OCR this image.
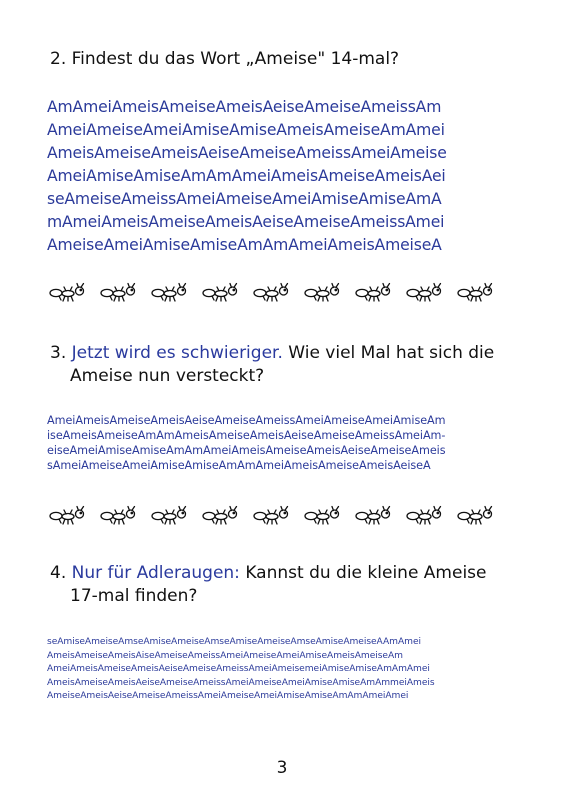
2. Findest du das Wort „Ameise" 14-mal?

AmAmeiAmeisAmeiseAmeisAeiseAmeiseAmeissAm
AmeiAmeiseAmeiAmiseAmiseAmeisAmeiseAmAmei
AmeisAmeiseAmeisAeiseAmeiseAmeissAmeiAmeise
AmeiAmiseAmiseAmAmAmeiAmeisAmeiseAmeisAei
seAmeiseAmeissAmeiAmeiseAmeiAmiseAmiseAmA
mAmeiAmeisAmeiseAmeisAeiseAmeiseAmeissAmei
AmeiseAmeiAmiseAmiseAmAmAmeiAmeisAmeiseA

3. Jetzt wird es schwieriger. Wie viel Mal hat sich die
Ameise nun versteckt?

AmeiAmeisAmeiseAmeisAeiseAmeiseAmeissAmeiAmeiseAmeiAmiseAm
iseAmeisAmeiseAmAmAmeisAmeiseAmeisAeiseAmeiseAmeissAmeiAm-
eiseAmeiAmiseAmiseAmAmAmeiAmeisAmeiseAmeisAeiseAmeiseAmeis
sAmeiAmeiseAmeiAmiseAmiseAmAmAmeiAmeisAmeiseAmeisAeiseA

4. Nur für Adleraugen: Kannst du die kleine Ameise
17-mal finden?

seAmiseAmeiseAmseAmiseAmeiseAmseAmiseAmeiseAmseAmiseAmeiseAAmAmei
AmeisAmeiseAmeisAiseAmeiseAmeissAmeiAmeiseAmeiAmiseAmeisAmeiseAm
AmeiAmeisAmeiseAmeisAeiseAmeiseAmeissAmeiAmeisemeiAmiseAmiseAmAmAmei
AmeisAmeiseAmeisAeiseAmeiseAmeissAmeiAmeiseAmeiAmiseAmiseAmAmmeiAmeis
AmeiseAmeisAeiseAmeiseAmeissAmeiAmeiseAmeiAmiseAmiseAmAmAmeiAmei
3
